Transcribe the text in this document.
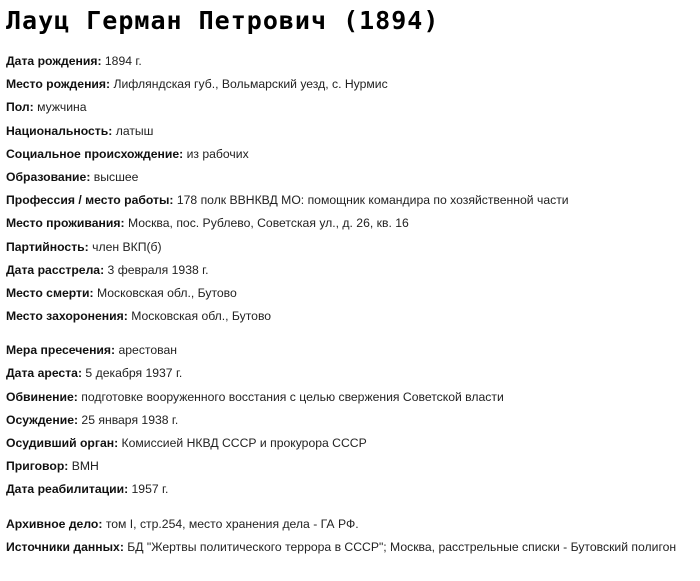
Лауц Герман Петрович (1894)
Дата рождения: 1894 г.
Место рождения: Лифляндская губ., Вольмарский уезд, с. Нурмис
Пол: мужчина
Национальность: латыш
Социальное происхождение: из рабочих
Образование: высшее
Профессия / место работы: 178 полк ВВНКВД МО: помощник командира по хозяйственной части
Место проживания: Москва, пос. Рублево, Советская ул., д. 26, кв. 16
Партийность: член ВКП(б)
Дата расстрела: 3 февраля 1938 г.
Место смерти: Московская обл., Бутово
Место захоронения: Московская обл., Бутово
Мера пресечения: арестован
Дата ареста: 5 декабря 1937 г.
Обвинение: подготовке вооруженного восстания с целью свержения Советской власти
Осуждение: 25 января 1938 г.
Осудивший орган: Комиссией НКВД СССР и прокурора СССР
Приговор: ВМН
Дата реабилитации: 1957 г.
Архивное дело: том I, стр.254, место хранения дела - ГА РФ.
Источники данных: БД "Жертвы политического террора в СССР"; Москва, расстрельные списки - Бутовский полигон
